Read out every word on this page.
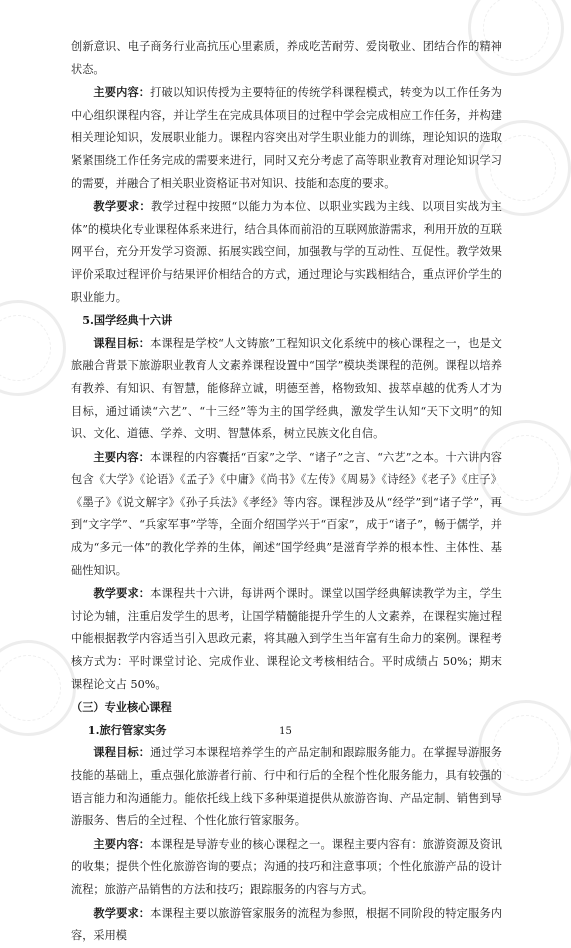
创新意识、电子商务行业高抗压心里素质，养成吃苦耐劳、爱岗敬业、团结合作的精神状态。

主要内容：打破以知识传授为主要特征的传统学科课程模式，转变为以工作任务为中心组织课程内容，并让学生在完成具体项目的过程中学会完成相应工作任务，并构建相关理论知识，发展职业能力。课程内容突出对学生职业能力的训练，理论知识的选取紧紧围绕工作任务完成的需要来进行，同时又充分考虑了高等职业教育对理论知识学习的需要，并融合了相关职业资格证书对知识、技能和态度的要求。

教学要求：教学过程中按照“以能力为本位、以职业实践为主线、以项目实战为主体”的模块化专业课程体系来进行，结合具体而前沿的互联网旅游需求，利用开放的互联网平台，充分开发学习资源、拓展实践空间，加强教与学的互动性、互促性。教学效果评价采取过程评价与结果评价相结合的方式，通过理论与实践相结合，重点评价学生的职业能力。

5.国学经典十六讲

课程目标：本课程是学校“人文铸旅”工程知识文化系统中的核心课程之一，也是文旅融合背景下旅游职业教育人文素养课程设置中“国学”模块类课程的范例。课程以培养有教养、有知识、有智慧，能修辞立诚，明德至善，格物致知、拔萃卓越的优秀人才为目标，通过诵读“六艺”、“十三经”等为主的国学经典，激发学生认知“天下文明”的知识、文化、道德、学养、文明、智慧体系，树立民族文化自信。

主要内容：本课程的内容囊括“百家”之学、“诸子”之言、“六艺”之本。十六讲内容包含《大学》《论语》《孟子》《中庸》《尚书》《左传》《周易》《诗经》《老子》《庄子》《墨子》《说文解字》《孙子兵法》《孝经》等内容。课程涉及从“经学”到“诸子学”，再到“文字学”、“兵家军事”学等，全面介绍国学兴于“百家”，成于“诸子”，畅于儒学，并成为“多元一体”的教化学养的生体，阐述“国学经典”是滋育学养的根本性、主体性、基础性知识。

教学要求：本课程共十六讲，每讲两个课时。课堂以国学经典解读教学为主，学生讨论为辅，注重启发学生的思考，让国学精髓能提升学生的人文素养，在课程实施过程中能根据教学内容适当引入思政元素，将其融入到学生当年富有生命力的案例。课程考核方式为：平时课堂讨论、完成作业、课程论文考核相结合。平时成绩占 50%；期末课程论文占 50%。

（三）专业核心课程

1.旅行管家实务

课程目标：通过学习本课程培养学生的产品定制和跟踪服务能力。在掌握导游服务技能的基础上，重点强化旅游者行前、行中和行后的全程个性化服务能力，具有较强的语言能力和沟通能力。能依托线上线下多种渠道提供从旅游咨询、产品定制、销售到导游服务、售后的全过程、个性化旅行管家服务。

主要内容：本课程是导游专业的核心课程之一。课程主要内容有：旅游资源及资讯的收集；提供个性化旅游咨询的要点；沟通的技巧和注意事项；个性化旅游产品的设计流程；旅游产品销售的方法和技巧；跟踪服务的内容与方式。

教学要求：本课程主要以旅游管家服务的流程为参照，根据不同阶段的特定服务内容，采用模

15
